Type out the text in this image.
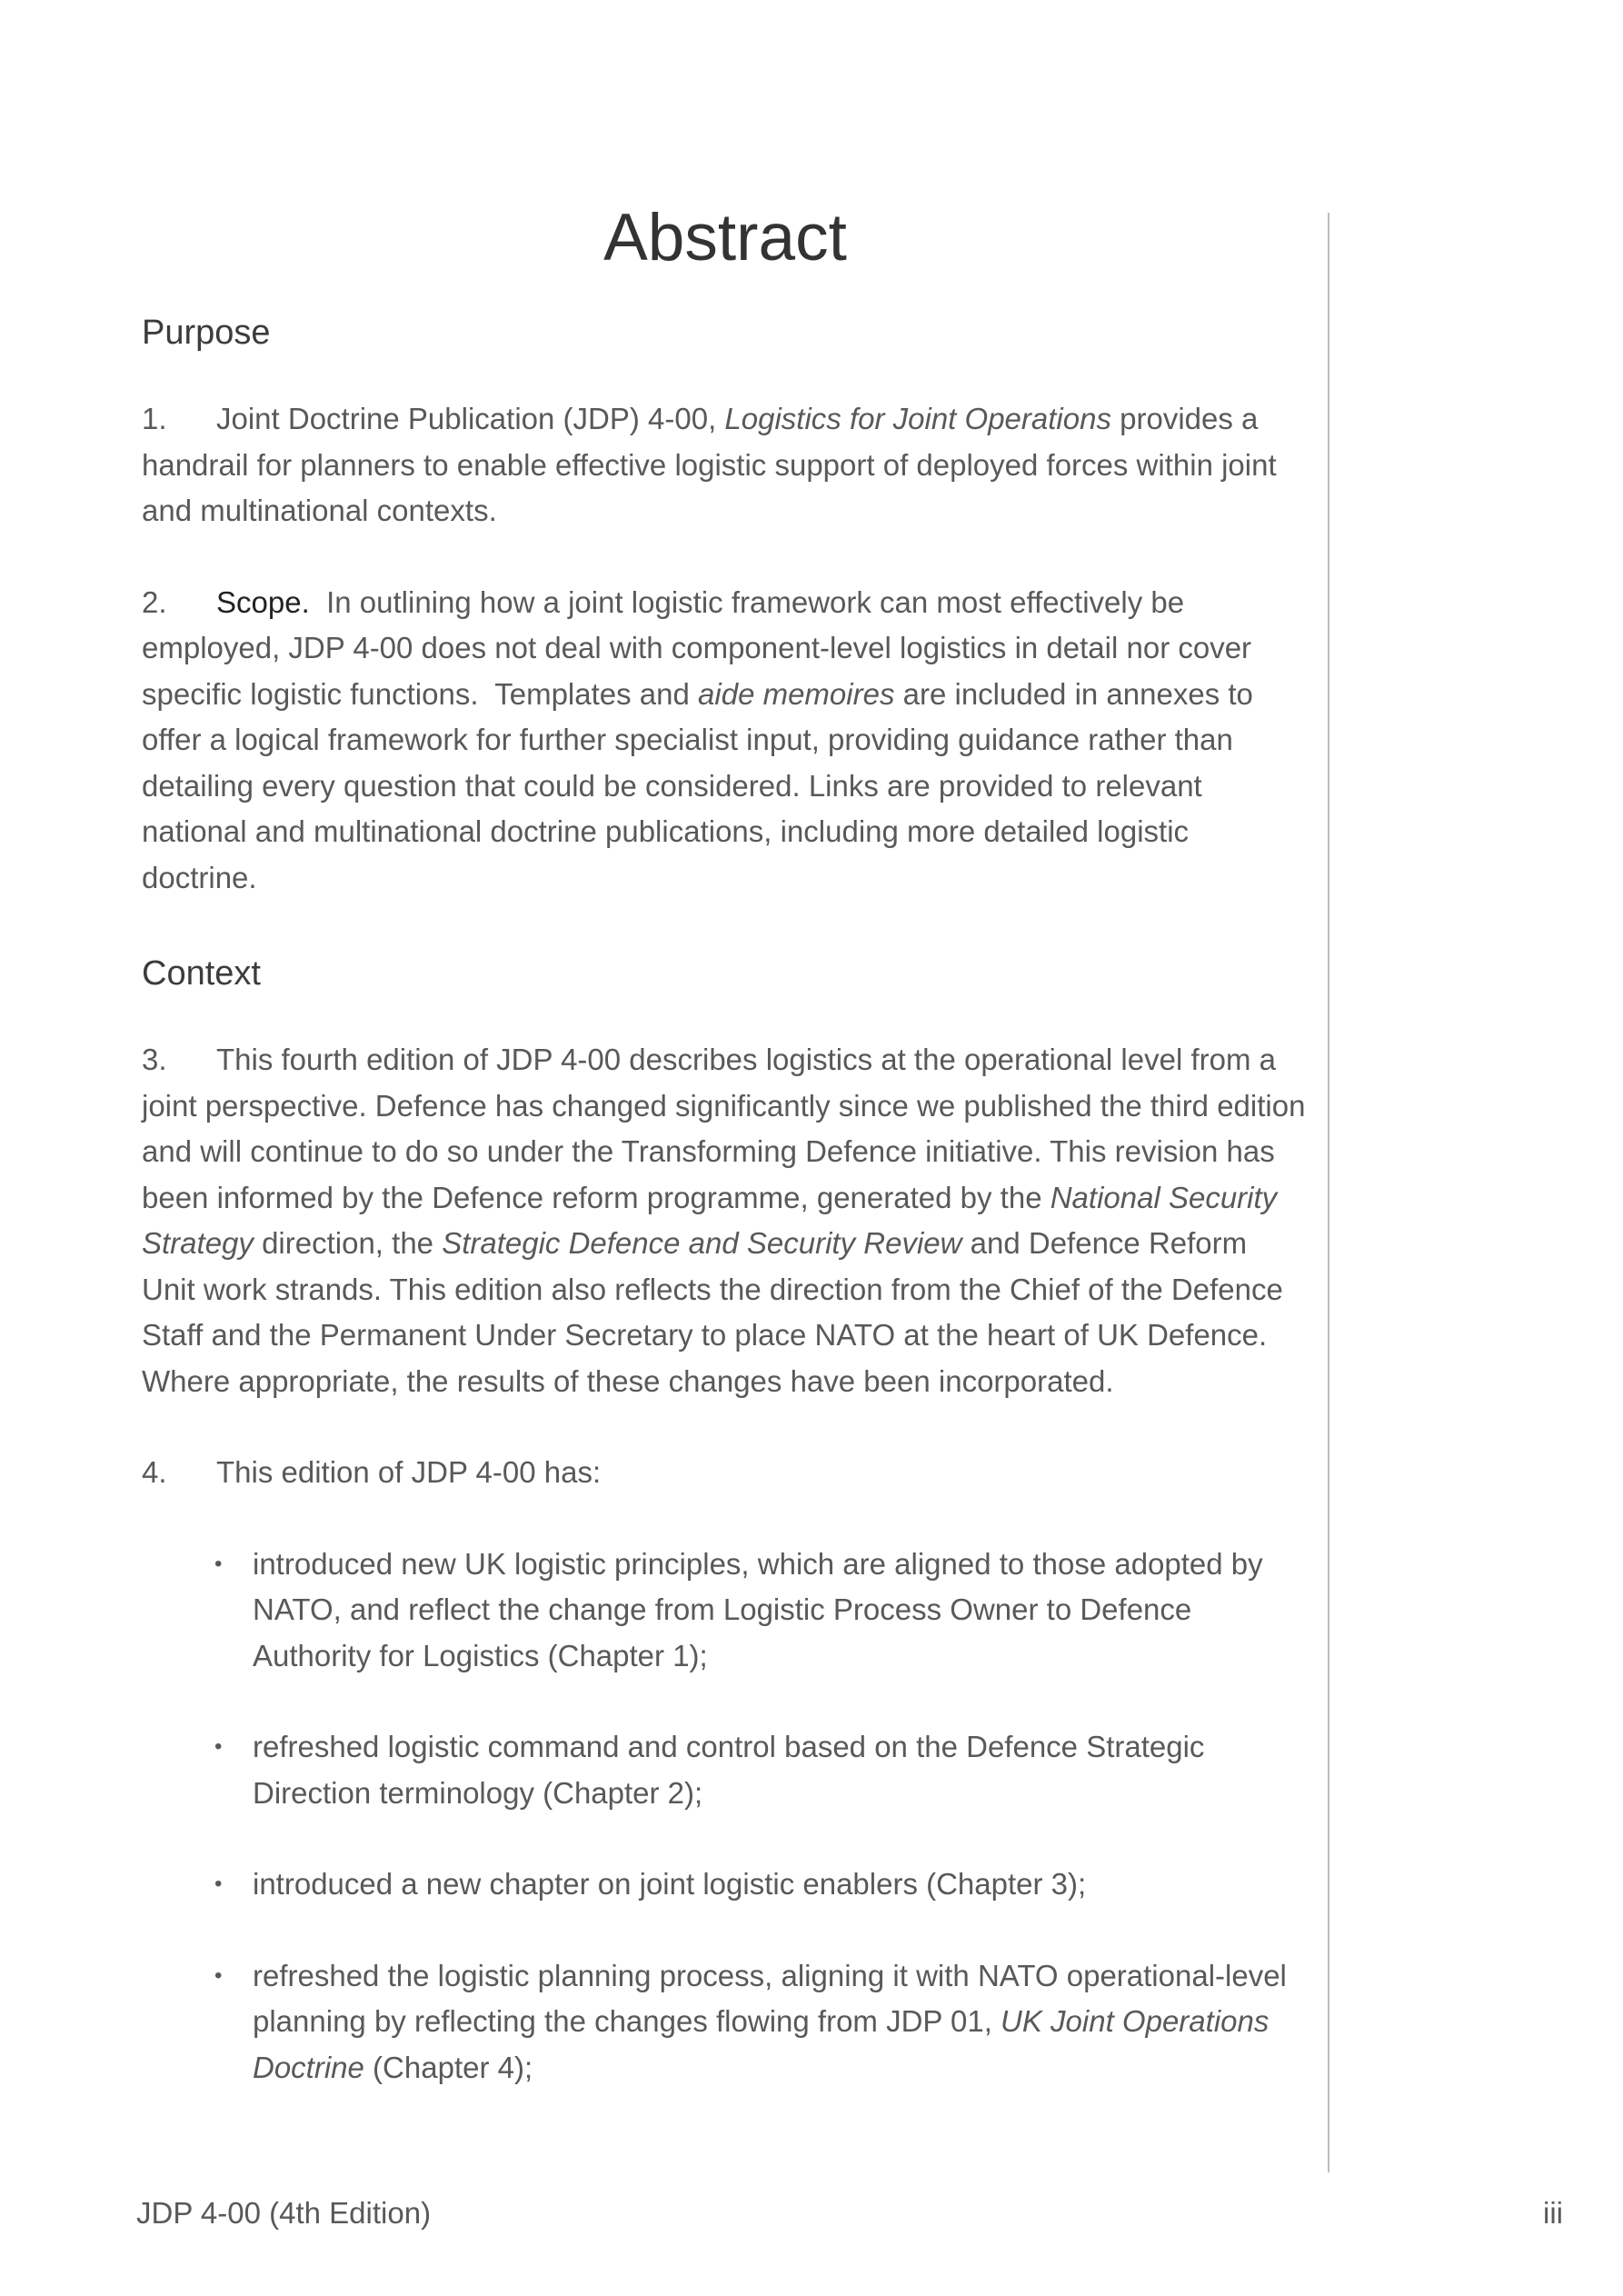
Abstract
Purpose

1. Joint Doctrine Publication (JDP) 4-00, Logistics for Joint Operations provides a handrail for planners to enable effective logistic support of deployed forces within joint and multinational contexts.

2. Scope.  In outlining how a joint logistic framework can most effectively be employed, JDP 4-00 does not deal with component-level logistics in detail nor cover specific logistic functions.  Templates and aide memoires are included in annexes to offer a logical framework for further specialist input, providing guidance rather than detailing every question that could be considered. Links are provided to relevant national and multinational doctrine publications, including more detailed logistic doctrine.

Context

3. This fourth edition of JDP 4-00 describes logistics at the operational level from a joint perspective. Defence has changed significantly since we published the third edition and will continue to do so under the Transforming Defence initiative. This revision has been informed by the Defence reform programme, generated by the National Security Strategy direction, the Strategic Defence and Security Review and Defence Reform Unit work strands. This edition also reflects the direction from the Chief of the Defence Staff and the Permanent Under Secretary to place NATO at the heart of UK Defence. Where appropriate, the results of these changes have been incorporated.

4. This edition of JDP 4-00 has:

• introduced new UK logistic principles, which are aligned to those adopted by NATO, and reflect the change from Logistic Process Owner to Defence Authority for Logistics (Chapter 1);
• refreshed logistic command and control based on the Defence Strategic Direction terminology (Chapter 2);
• introduced a new chapter on joint logistic enablers (Chapter 3);
• refreshed the logistic planning process, aligning it with NATO operational-level planning by reflecting the changes flowing from JDP 01, UK Joint Operations Doctrine (Chapter 4);
JDP 4-00 (4th Edition)	iii
